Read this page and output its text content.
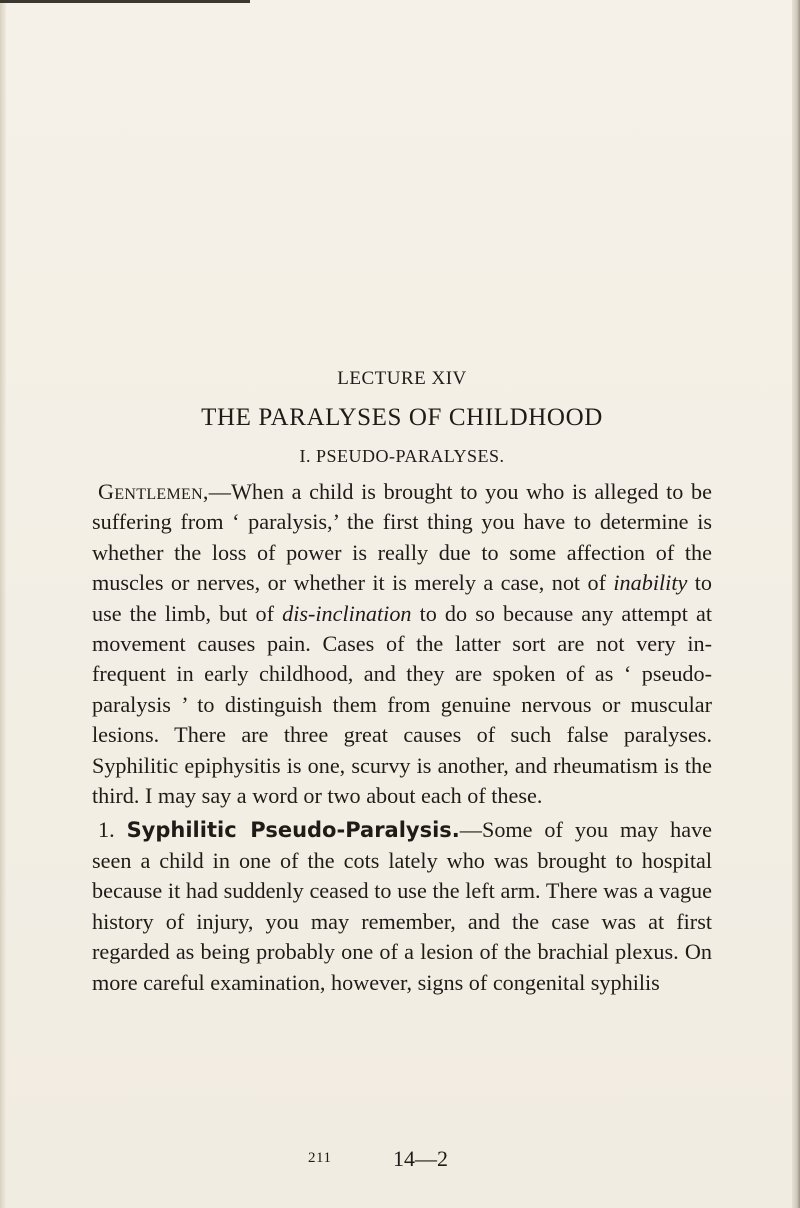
LECTURE XIV
THE PARALYSES OF CHILDHOOD
I. PSEUDO-PARALYSES.

Gentlemen,—When a child is brought to you who is alleged to be suffering from ‘ paralysis,’ the first thing you have to determine is whether the loss of power is really due to some affection of the muscles or nerves, or whether it is merely a case, not of inability to use the limb, but of dis-inclination to do so because any attempt at movement causes pain. Cases of the latter sort are not very in-frequent in early childhood, and they are spoken of as ‘ pseudo-paralysis ’ to distinguish them from genuine nervous or muscular lesions. There are three great causes of such false paralyses. Syphilitic epiphysitis is one, scurvy is another, and rheumatism is the third. I may say a word or two about each of these.

1. Syphilitic Pseudo-Paralysis.—Some of you may have seen a child in one of the cots lately who was brought to hospital because it had suddenly ceased to use the left arm. There was a vague history of injury, you may remember, and the case was at first regarded as being probably one of a lesion of the brachial plexus. On more careful examination, however, signs of congenital syphilis

211	14—2
